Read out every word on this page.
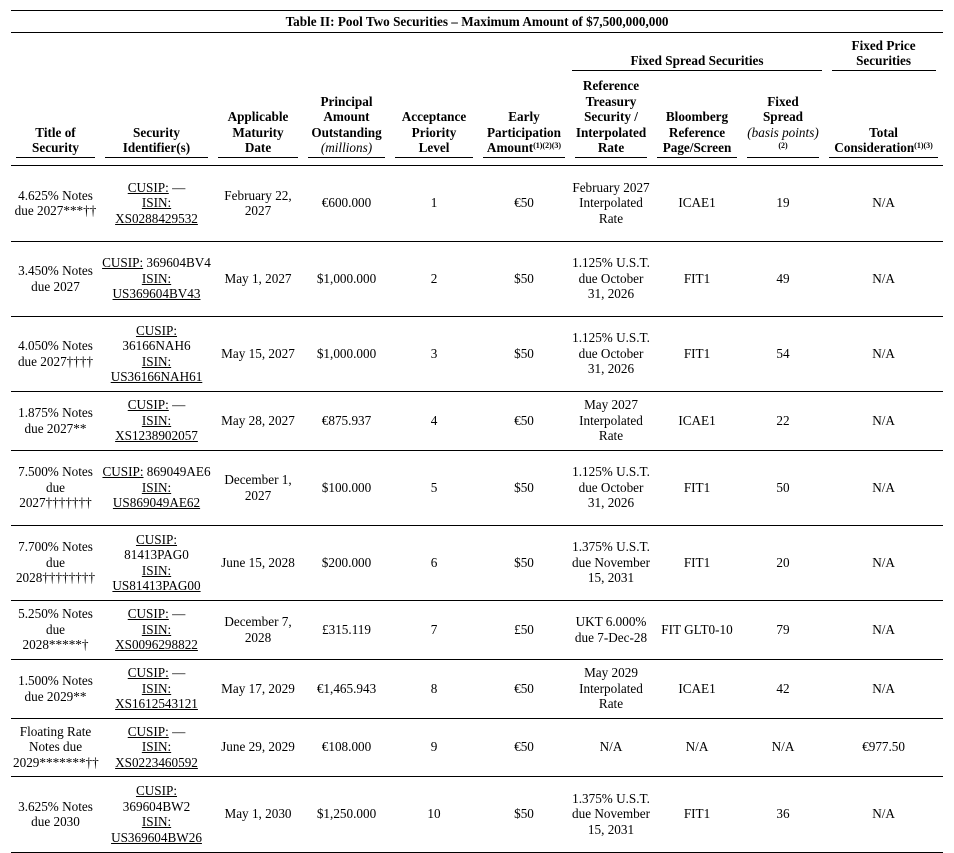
Table II: Pool Two Securities – Maximum Amount of $7,500,000,000									

						Fixed Spread Securities			Fixed Price Securities

Title of Security	Security Identifier(s)	Applicable Maturity Date	Principal Amount Outstanding
(millions)	Acceptance Priority Level	Early Participation Amount$^{(1)(2)(3)}$	Reference Treasury Security / Interpolated Rate	Bloomberg Reference Page/Screen	Fixed Spread
(basis points)$^{(2)}$	Total Consideration$^{(1)(3)}$

4.625% Notes due 2027***††	CUSIP: —
ISIN:
XS0288429532	February 22, 2027	€600.000	1	€50	February 2027 Interpolated Rate	ICAE1	19	N/A
3.450% Notes due 2027	CUSIP: 369604BV4
ISIN:
US369604BV43	May 1, 2027	$1,000.000	2	$50	1.125% U.S.T. due October 31, 2026	FIT1	49	N/A
4.050% Notes due 2027††††	CUSIP: 36166NAH6
ISIN:
US36166NAH61	May 15, 2027	$1,000.000	3	$50	1.125% U.S.T. due October 31, 2026	FIT1	54	N/A
1.875% Notes due 2027**	CUSIP: —
ISIN:
XS1238902057	May 28, 2027	€875.937	4	€50	May 2027 Interpolated Rate	ICAE1	22	N/A
7.500% Notes due 2027†††††††	CUSIP: 869049AE6
ISIN:
US869049AE62	December 1, 2027	$100.000	5	$50	1.125% U.S.T. due October 31, 2026	FIT1	50	N/A
7.700% Notes due 2028††††††††	CUSIP: 81413PAG0
ISIN:
US81413PAG00	June 15, 2028	$200.000	6	$50	1.375% U.S.T. due November 15, 2031	FIT1	20	N/A
5.250% Notes due 2028*****†	CUSIP: —
ISIN:
XS0096298822	December 7, 2028	£315.119	7	£50	UKT 6.000% due 7-Dec-28	FIT GLT0-10	79	N/A
1.500% Notes due 2029**	CUSIP: —
ISIN:
XS1612543121	May 17, 2029	€1,465.943	8	€50	May 2029 Interpolated Rate	ICAE1	42	N/A
Floating Rate Notes due 2029*******††	CUSIP: —
ISIN:
XS0223460592	June 29, 2029	€108.000	9	€50	N/A	N/A	N/A	€977.50
3.625% Notes due 2030	CUSIP: 369604BW2
ISIN:
US369604BW26	May 1, 2030	$1,250.000	10	$50	1.375% U.S.T. due November 15, 2031	FIT1	36	N/A
